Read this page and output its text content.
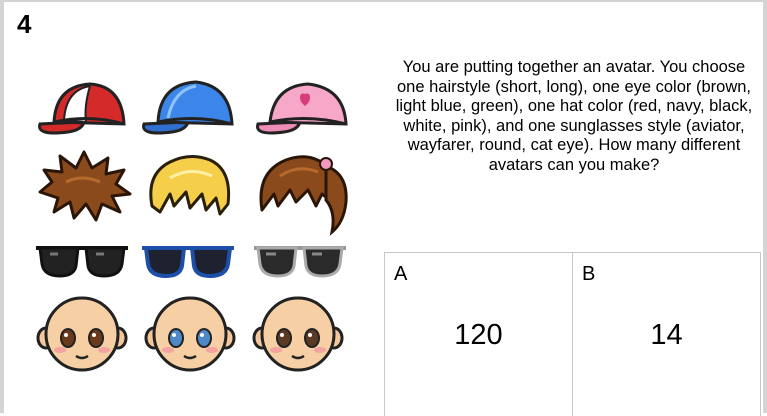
4
You are putting together an avatar. You choose one hairstyle (short, long), one eye color (brown, light blue, green), one hat color (red, navy, black, white, pink), and one sunglasses style (aviator, wayfarer, round, cat eye). How many different avatars can you make?
A
120
B
14
